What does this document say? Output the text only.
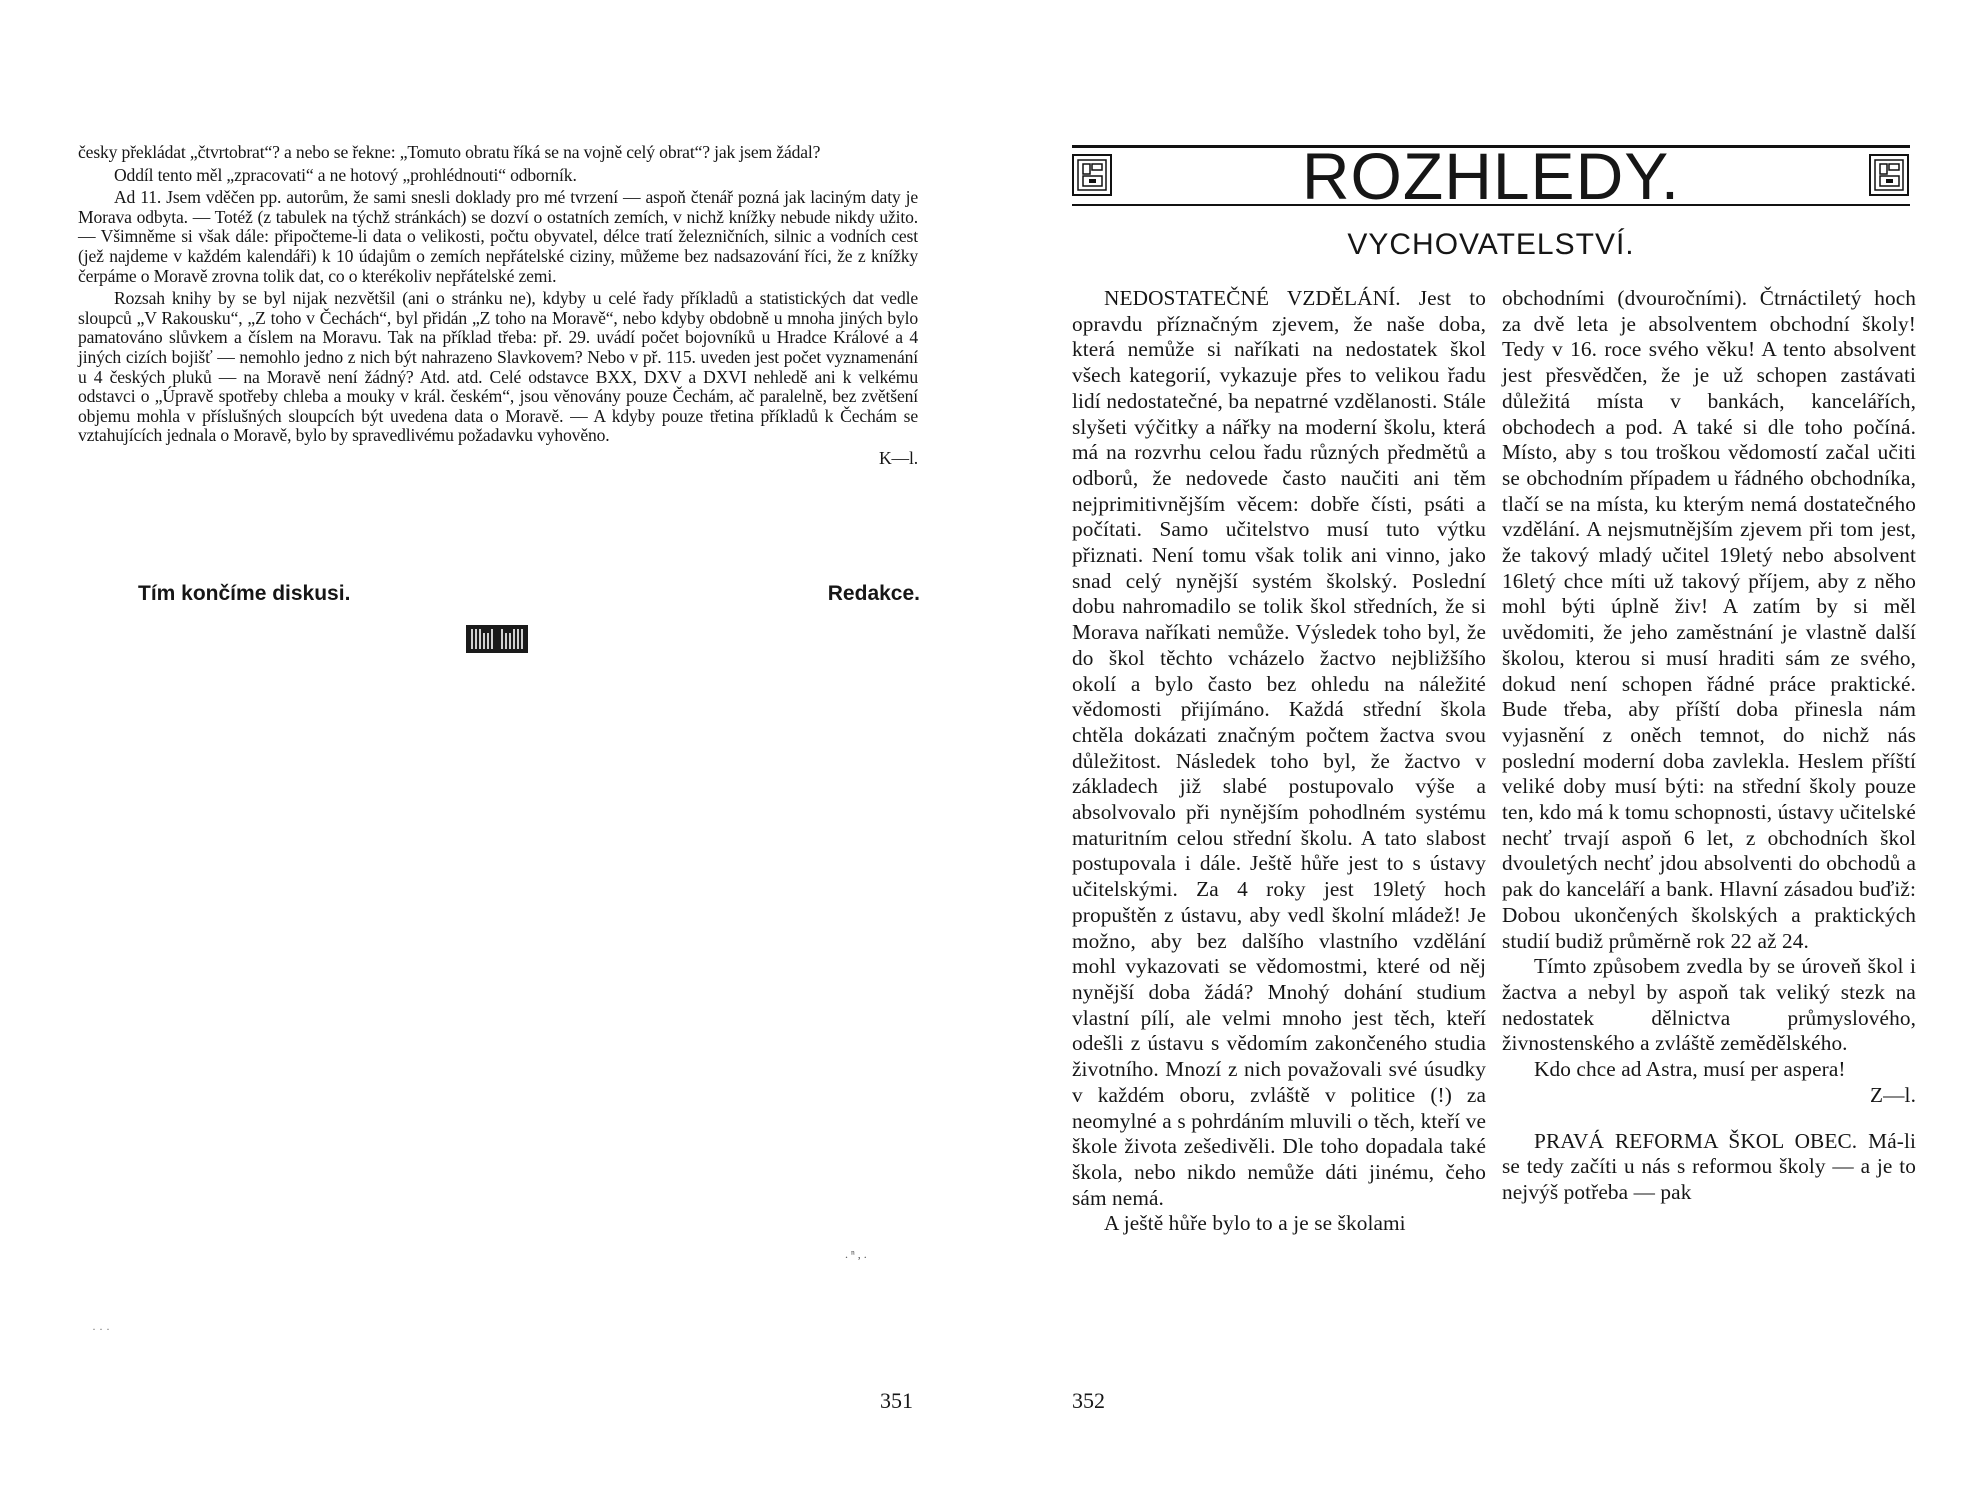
česky překládat „čtvrtobrat“? a nebo se řekne: „Tomuto obratu říká se na vojně celý obrat“? jak jsem žádal?

Oddíl tento měl „zpracovati“ a ne hotový „prohlédnouti“ odborník.

Ad 11. Jsem vděčen pp. autorům, že sami snesli doklady pro mé tvrzení — aspoň čtenář pozná jak laciným daty je Morava odbyta. — Totéž (z tabulek na týchž stránkách) se dozví o ostatních zemích, v nichž knížky nebude nikdy užito. — Všimněme si však dále: připočteme-li data o velikosti, počtu obyvatel, délce tratí železničních, silnic a vodních cest (jež najdeme v každém kalendáři) k 10 údajům o zemích nepřátelské ciziny, můžeme bez nadsazování říci, že z knížky čerpáme o Moravě zrovna tolik dat, co o kterékoliv nepřátelské zemi.

Rozsah knihy by se byl nijak nezvětšil (ani o stránku ne), kdyby u celé řady příkladů a statistických dat vedle sloupců „V Rakousku“, „Z toho v Čechách“, byl přidán „Z toho na Moravě“, nebo kdyby obdobně u mnoha jiných bylo pamatováno slůvkem a číslem na Moravu. Tak na příklad třeba: př. 29. uvádí počet bojovníků u Hradce Králové a 4 jiných cizích bojišť — nemohlo jedno z nich být nahrazeno Slavkovem? Nebo v př. 115. uveden jest počet vyznamenání u 4 českých pluků — na Moravě není žádný? Atd. atd. Celé odstavce BXX, DXV a DXVI nehledě ani k velkému odstavci o „Úpravě spotřeby chleba a mouky v král. českém“, jsou věnovány pouze Čechám, ač paralelně, bez zvětšení objemu mohla v příslušných sloupcích být uvedena data o Moravě. — A kdyby pouze třetina příkladů k Čechám se vztahujících jednala o Moravě, bylo by spravedlivému požadavku vyhověno.

K—l.

Tím končíme diskusi.	Redakce.
. ⁿ , .
· · ·
351
ROZHLEDY.
VYCHOVATELSTVÍ.

NEDOSTATEČNÉ VZDĚLÁNÍ. Jest to opravdu příznačným zjevem, že naše doba, která nemůže si naříkati na nedostatek škol všech kategorií, vykazuje přes to velikou řadu lidí nedostatečné, ba nepatrné vzdělanosti. Stále slyšeti výčitky a nářky na moderní školu, která má na rozvrhu celou řadu různých předmětů a odborů, že nedovede často naučiti ani těm nejprimitivnějším věcem: dobře čísti, psáti a počítati. Samo učitelstvo musí tuto výtku přiznati. Není tomu však tolik ani vinno, jako snad celý nynější systém školský. Poslední dobu nahromadilo se tolik škol středních, že si Morava naříkati nemůže. Výsledek toho byl, že do škol těchto vcházelo žactvo nejbližšího okolí a bylo často bez ohledu na náležité vědomosti přijímáno. Každá střední škola chtěla dokázati značným počtem žactva svou důležitost. Následek toho byl, že žactvo v základech již slabé postupovalo výše a absolvovalo při nynějším pohodlném systému maturitním celou střední školu. A tato slabost postupovala i dále. Ještě hůře jest to s ústavy učitelskými. Za 4 roky jest 19letý hoch propuštěn z ústavu, aby vedl školní mládež! Je možno, aby bez dalšího vlastního vzdělání mohl vykazovati se vědomostmi, které od něj nynější doba žádá? Mnohý dohání studium vlastní pílí, ale velmi mnoho jest těch, kteří odešli z ústavu s vědomím zakončeného studia životního. Mnozí z nich považovali své úsudky v každém oboru, zvláště v politice (!) za neomylné a s pohrdáním mluvili o těch, kteří ve škole života zešedivěli. Dle toho dopadala také škola, nebo nikdo nemůže dáti jinému, čeho sám nemá.

A ještě hůře bylo to a je se školami

obchodními (dvouročními). Čtrnáctiletý hoch za dvě leta je absolventem obchodní školy! Tedy v 16. roce svého věku! A tento absolvent jest přesvědčen, že je už schopen zastávati důležitá místa v bankách, kancelářích, obchodech a pod. A také si dle toho počíná. Místo, aby s tou troškou vědomostí začal učiti se obchodním případem u řádného obchodníka, tlačí se na místa, ku kterým nemá dostatečného vzdělání. A nejsmutnějším zjevem při tom jest, že takový mladý učitel 19letý nebo absolvent 16letý chce míti už takový příjem, aby z něho mohl býti úplně živ! A zatím by si měl uvědomiti, že jeho zaměstnání je vlastně další školou, kterou si musí hraditi sám ze svého, dokud není schopen řádné práce praktické. Bude třeba, aby příští doba přinesla nám vyjasnění z oněch temnot, do nichž nás poslední moderní doba zavlekla. Heslem příští veliké doby musí býti: na střední školy pouze ten, kdo má k tomu schopnosti, ústavy učitelské nechť trvají aspoň 6 let, z obchodních škol dvouletých nechť jdou absolventi do obchodů a pak do kanceláří a bank. Hlavní zásadou buďiž: Dobou ukončených školských a praktických studií budiž průměrně rok 22 až 24.

Tímto způsobem zvedla by se úroveň škol i žactva a nebyl by aspoň tak veliký stezk na nedostatek dělnictva průmyslového, živnostenského a zvláště zemědělského.

Kdo chce ad Astra, musí per aspera!

Z—l.

PRAVÁ REFORMA ŠKOL OBEC. Má-li se tedy začíti u nás s reformou školy — a je to nejvýš potřeba — pak

352
